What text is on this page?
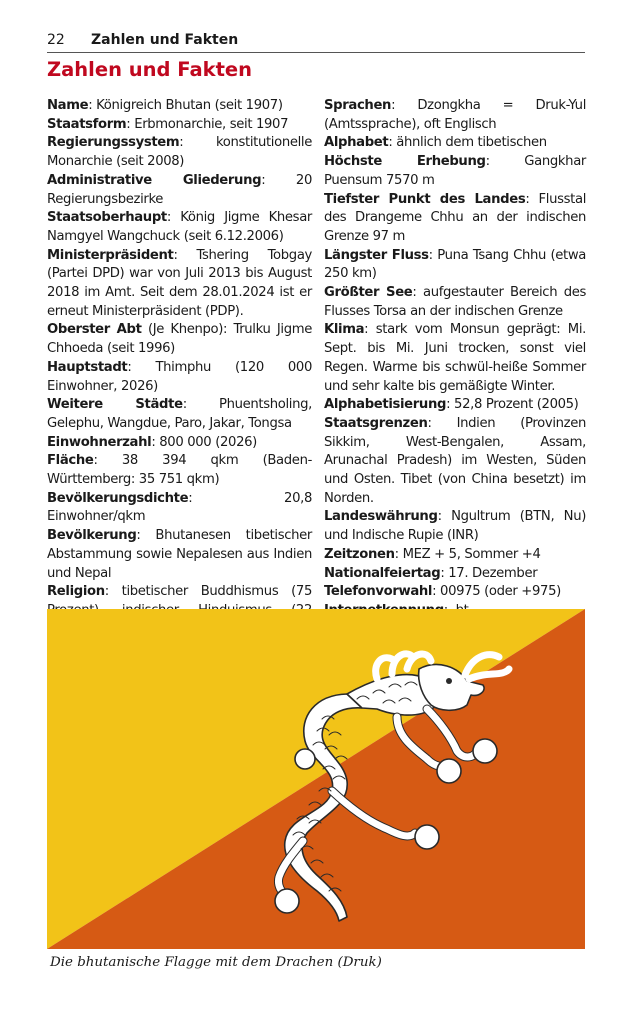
22 Zahlen und Fakten
Zahlen und Fakten

Name: Königreich Bhutan (seit 1907)

Staatsform: Erbmonarchie, seit 1907

Regierungssystem: konstitutionelle Monarchie (seit 2008)

Administrative Gliederung: 20 Regierungsbezirke

Staatsoberhaupt: König Jigme Khesar Namgyel Wangchuck (seit 6.12.2006)

Ministerpräsident: Tshering Tobgay (Partei DPD) war von Juli 2013 bis August 2018 im Amt. Seit dem 28.01.2024 ist er erneut Ministerpräsident (PDP).

Oberster Abt (Je Khenpo): Trulku Jigme Chhoeda (seit 1996)

Hauptstadt: Thimphu (120 000 Einwohner, 2026)

Weitere Städte: Phuentsholing, Gelephu, Wangdue, Paro, Jakar, Tongsa

Einwohnerzahl: 800 000 (2026)

Fläche: 38 394 qkm (Baden-Württemberg: 35 751 qkm)

Bevölkerungsdichte: 20,8 Einwohner/qkm

Bevölkerung: Bhutanesen tibetischer Abstammung sowie Nepalesen aus Indien und Nepal

Religion: tibetischer Buddhismus (75

Sprachen: Dzongkha = Druk-Yul (Amtssprache), oft Englisch

Alphabet: ähnlich dem tibetischen

Höchste Erhebung: Gangkhar Puensum 7570 m

Tiefster Punkt des Landes: Flusstal des Drangeme Chhu an der indischen Grenze 97 m

Längster Fluss: Puna Tsang Chhu (etwa 250 km)

Größter See: aufgestauter Bereich des Flusses Torsa an der indischen Grenze

Klima: stark vom Monsun geprägt: Mi. Sept. bis Mi. Juni trocken, sonst viel Regen. Warme bis schwül-heiße Sommer und sehr kalte bis gemäßigte Winter.

Alphabetisierung: 52,8 Prozent (2005)

Staatsgrenzen: Indien (Provinzen Sikkim, West-Bengalen, Assam, Arunachal Pradesh) im Westen, Süden und Osten. Tibet (von China besetzt) im Norden.

Landeswährung: Ngultrum (BTN, Nu) und Indische Rupie (INR)

Zeitzonen: MEZ + 5, Sommer +4

Nationalfeiertag: 17. Dezember

Telefonvorwahl: 00975 (oder +975)

Die bhutanische Flagge mit dem Drachen (Druk)
